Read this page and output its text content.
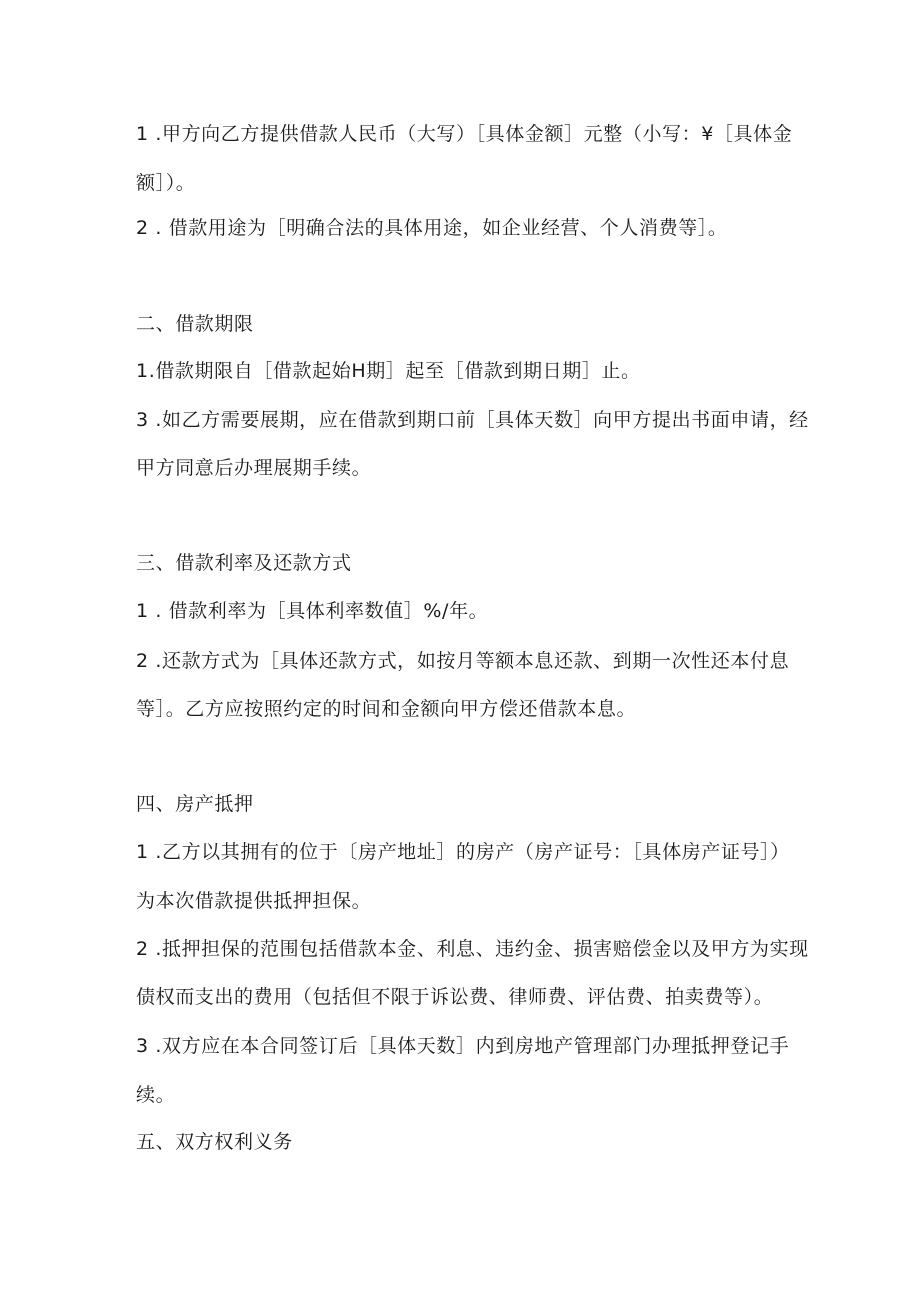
1 .甲方向乙方提供借款人民币（大写）［具体金额］元整（小写：¥［具体金
额］）。
2 . 借款用途为［明确合法的具体用途，如企业经营、个人消费等］。
二、借款期限
1.借款期限自［借款起始H期］起至［借款到期日期］止。
3 .如乙方需要展期，应在借款到期口前［具体天数］向甲方提出书面申请，经
甲方同意后办理展期手续。
三、借款利率及还款方式
1 . 借款利率为［具体利率数值］%/年。
2 .还款方式为［具体还款方式，如按月等额本息还款、到期一次性还本付息
等］。乙方应按照约定的时间和金额向甲方偿还借款本息。
四、房产抵押
1 .乙方以其拥有的位于〔房产地址］的房产（房产证号：［具体房产证号］）
为本次借款提供抵押担保。
2 .抵押担保的范围包括借款本金、利息、违约金、损害赔偿金以及甲方为实现
债权而支出的费用（包括但不限于诉讼费、律师费、评估费、拍卖费等）。
3 .双方应在本合同签订后［具体天数］内到房地产管理部门办理抵押登记手
续。
五、双方权利义务
